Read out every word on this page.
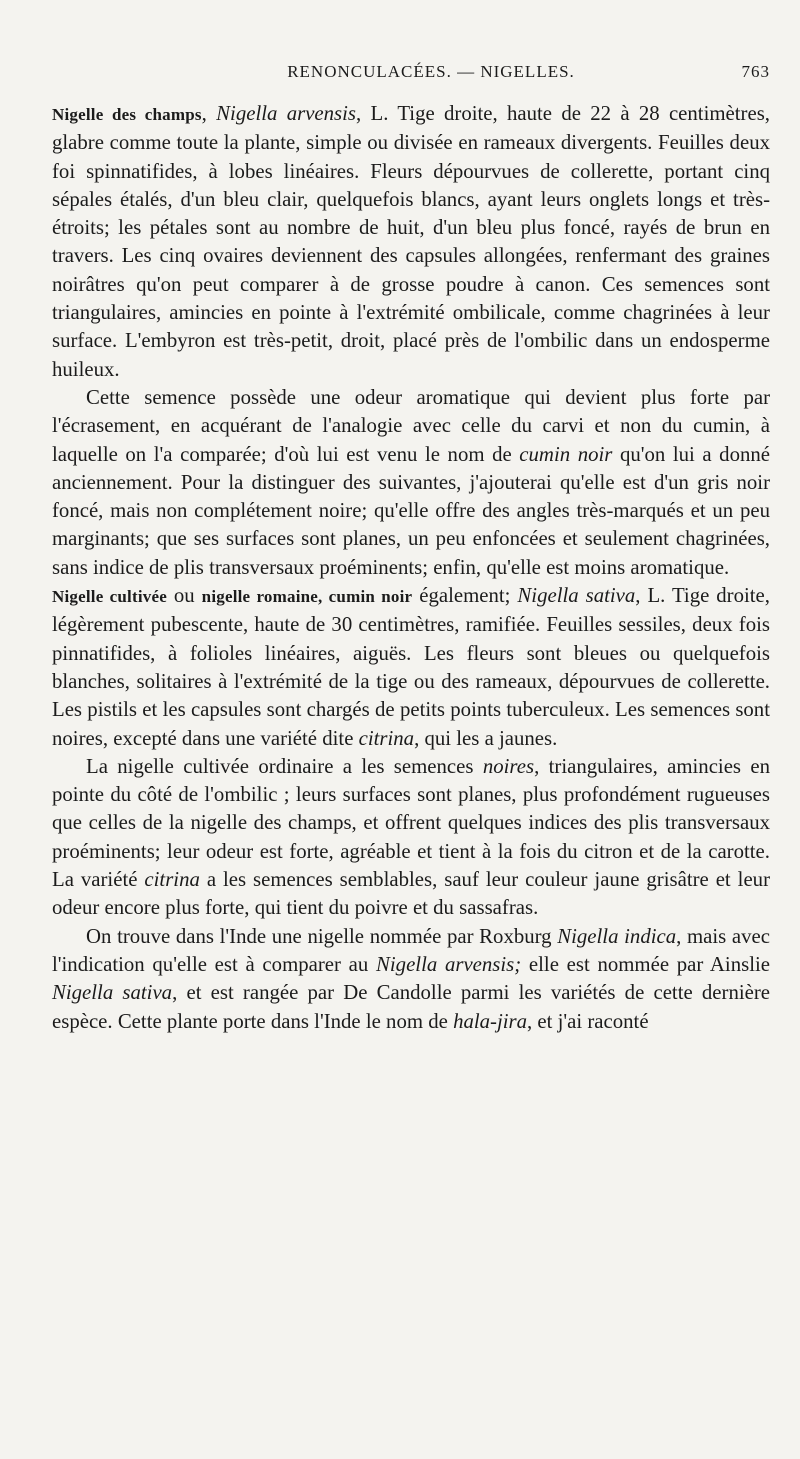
RENONCULACÉES. — NIGELLES.	763

Nigelle des champs, Nigella arvensis, L. Tige droite, haute de 22 à 28 centimètres, glabre comme toute la plante, simple ou divisée en rameaux divergents. Feuilles deux foi spinnatifides, à lobes linéaires. Fleurs dépourvues de collerette, portant cinq sépales étalés, d'un bleu clair, quelquefois blancs, ayant leurs onglets longs et très-étroits; les pétales sont au nombre de huit, d'un bleu plus foncé, rayés de brun en travers. Les cinq ovaires deviennent des capsules allongées, renfermant des graines noirâtres qu'on peut comparer à de grosse poudre à canon. Ces semences sont triangulaires, amincies en pointe à l'extrémité ombilicale, comme chagrinées à leur surface. L'embyron est très-petit, droit, placé près de l'ombilic dans un endosperme huileux.

Cette semence possède une odeur aromatique qui devient plus forte par l'écrasement, en acquérant de l'analogie avec celle du carvi et non du cumin, à laquelle on l'a comparée; d'où lui est venu le nom de cumin noir qu'on lui a donné anciennement. Pour la distinguer des suivantes, j'ajouterai qu'elle est d'un gris noir foncé, mais non complétement noire; qu'elle offre des angles très-marqués et un peu marginants; que ses surfaces sont planes, un peu enfoncées et seulement chagrinées, sans indice de plis transversaux proéminents; enfin, qu'elle est moins aromatique.

Nigelle cultivée ou nigelle romaine, cumin noir également; Nigella sativa, L. Tige droite, légèrement pubescente, haute de 30 centimètres, ramifiée. Feuilles sessiles, deux fois pinnatifides, à folioles linéaires, aiguës. Les fleurs sont bleues ou quelquefois blanches, solitaires à l'extrémité de la tige ou des rameaux, dépourvues de collerette. Les pistils et les capsules sont chargés de petits points tuberculeux. Les semences sont noires, excepté dans une variété dite citrina, qui les a jaunes.

La nigelle cultivée ordinaire a les semences noires, triangulaires, amincies en pointe du côté de l'ombilic ; leurs surfaces sont planes, plus profondément rugueuses que celles de la nigelle des champs, et offrent quelques indices des plis transversaux proéminents; leur odeur est forte, agréable et tient à la fois du citron et de la carotte. La variété citrina a les semences semblables, sauf leur couleur jaune grisâtre et leur odeur encore plus forte, qui tient du poivre et du sassafras.

On trouve dans l'Inde une nigelle nommée par Roxburg Nigella indica, mais avec l'indication qu'elle est à comparer au Nigella arvensis; elle est nommée par Ainslie Nigella sativa, et est rangée par De Candolle parmi les variétés de cette dernière espèce. Cette plante porte dans l'Inde le nom de hala-jira, et j'ai raconté
